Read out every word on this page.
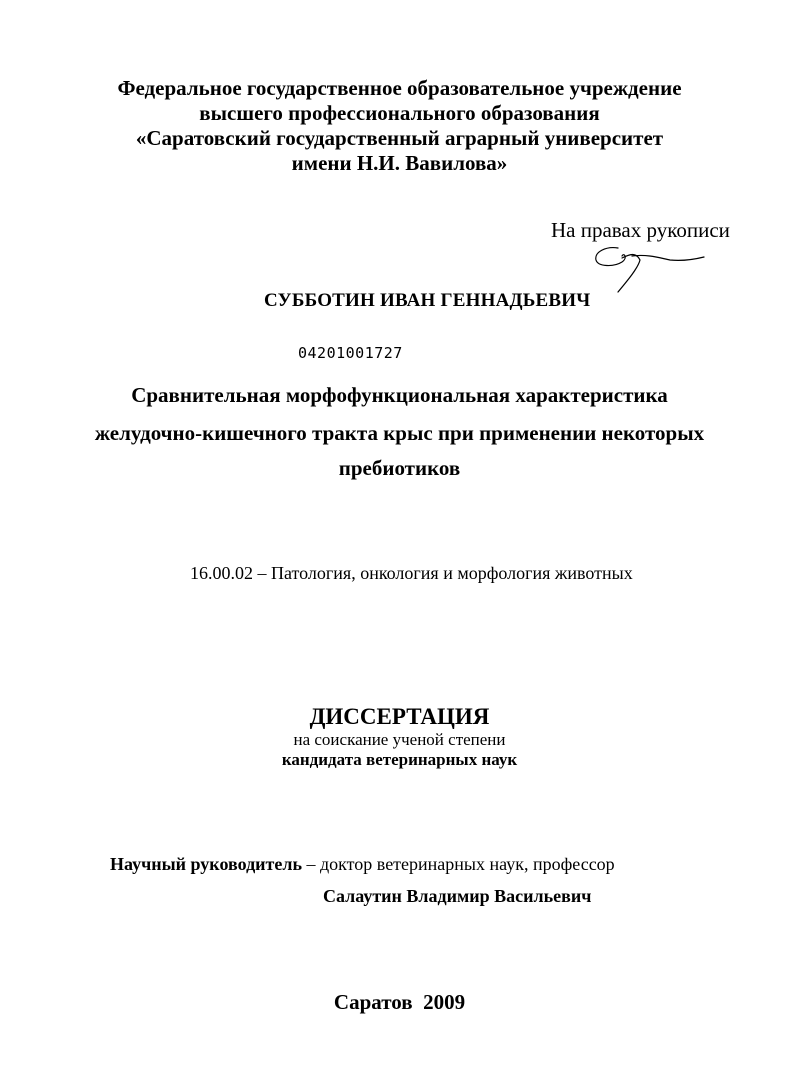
Федеральное государственное образовательное учреждение
высшего профессионального образования
«Саратовский государственный аграрный университет
имени Н.И. Вавилова»
На правах рукописи
СУББОТИН ИВАН ГЕННАДЬЕВИЧ
04201001727
Сравнительная морфофункциональная характеристика
желудочно-кишечного тракта крыс при применении некоторых
пребиотиков
16.00.02 – Патология, онкология и морфология животных
ДИССЕРТАЦИЯ
на соискание ученой степени
кандидата ветеринарных наук
Научный руководитель – доктор ветеринарных наук, профессор
Салаутин Владимир Васильевич
Саратов  2009
